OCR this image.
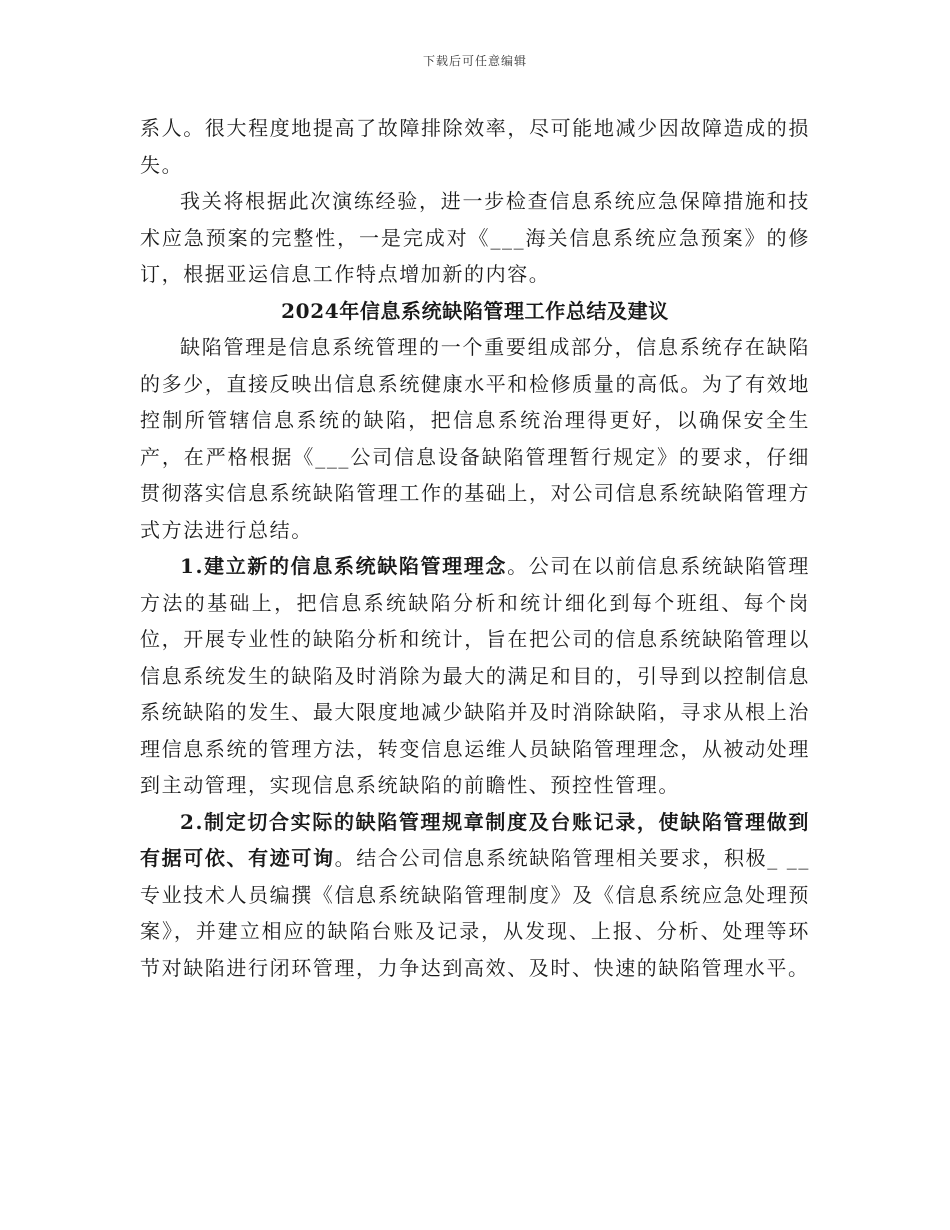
下载后可任意编辑

系人。很大程度地提高了故障排除效率，尽可能地减少因故障造成的损失。

我关将根据此次演练经验，进一步检查信息系统应急保障措施和技术应急预案的完整性，一是完成对《___海关信息系统应急预案》的修订，根据亚运信息工作特点增加新的内容。

2024年信息系统缺陷管理工作总结及建议

缺陷管理是信息系统管理的一个重要组成部分，信息系统存在缺陷的多少，直接反映出信息系统健康水平和检修质量的高低。为了有效地控制所管辖信息系统的缺陷，把信息系统治理得更好，以确保安全生产，在严格根据《___公司信息设备缺陷管理暂行规定》的要求，仔细贯彻落实信息系统缺陷管理工作的基础上，对公司信息系统缺陷管理方式方法进行总结。

1.建立新的信息系统缺陷管理理念。公司在以前信息系统缺陷管理方法的基础上，把信息系统缺陷分析和统计细化到每个班组、每个岗位，开展专业性的缺陷分析和统计，旨在把公司的信息系统缺陷管理以信息系统发生的缺陷及时消除为最大的满足和目的，引导到以控制信息系统缺陷的发生、最大限度地减少缺陷并及时消除缺陷，寻求从根上治理信息系统的管理方法，转变信息运维人员缺陷管理理念，从被动处理到主动管理，实现信息系统缺陷的前瞻性、预控性管理。

2.制定切合实际的缺陷管理规章制度及台账记录，使缺陷管理做到有据可依、有迹可询。结合公司信息系统缺陷管理相关要求，积极_ __专业技术人员编撰《信息系统缺陷管理制度》及《信息系统应急处理预案》，并建立相应的缺陷台账及记录，从发现、上报、分析、处理等环节对缺陷进行闭环管理，力争达到高效、及时、快速的缺陷管理水平。
